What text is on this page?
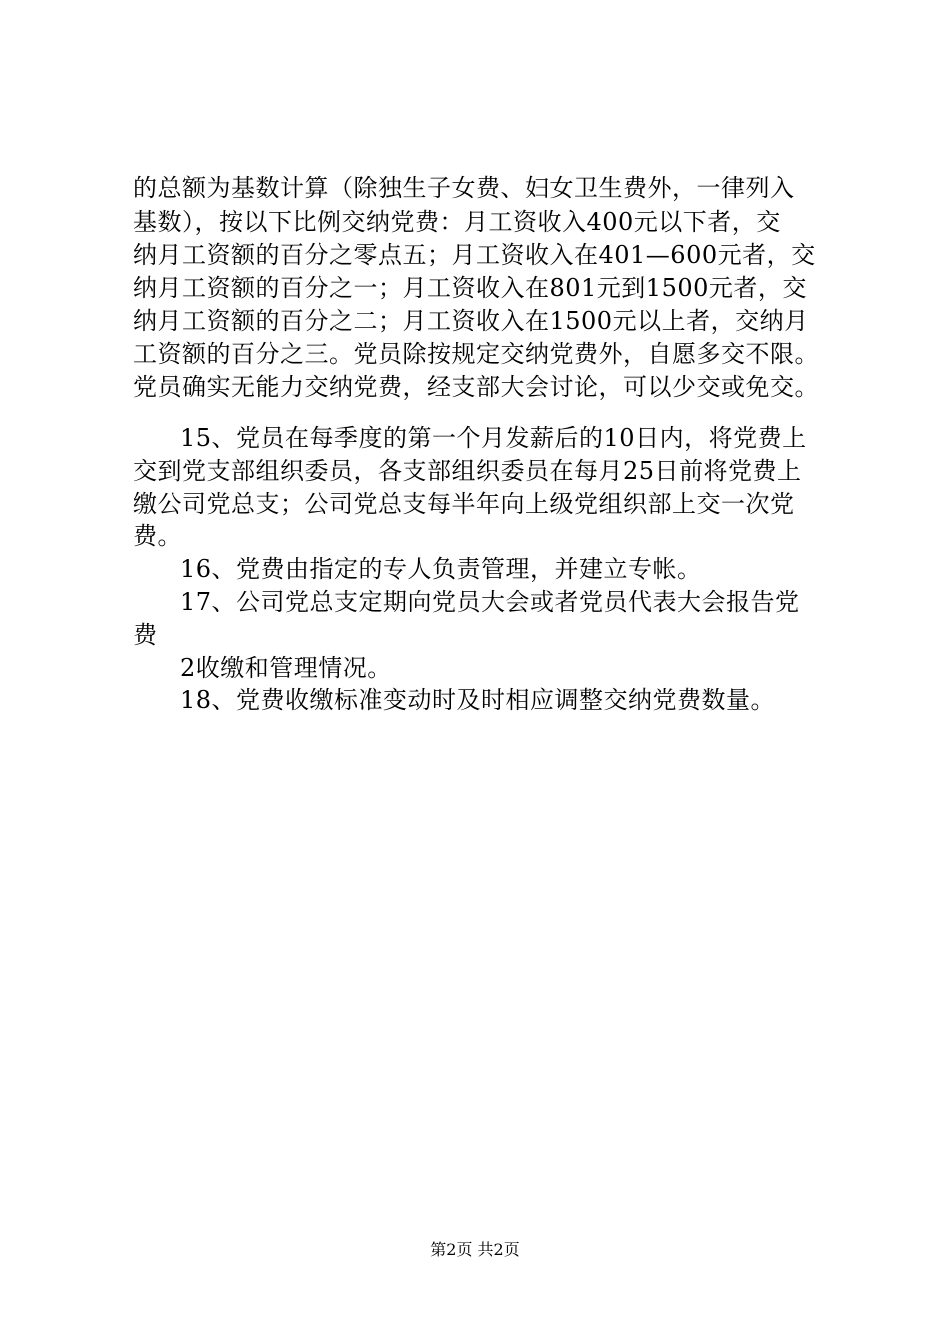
的总额为基数计算（除独生子女费、妇女卫生费外，一律列入
基数），按以下比例交纳党费：月工资收入400元以下者，交
纳月工资额的百分之零点五；月工资收入在401—600元者，交
纳月工资额的百分之一；月工资收入在801元到1500元者，交
纳月工资额的百分之二；月工资收入在1500元以上者，交纳月
工资额的百分之三。党员除按规定交纳党费外，自愿多交不限。
党员确实无能力交纳党费，经支部大会讨论，可以少交或免交。
15、党员在每季度的第一个月发薪后的10日内，将党费上
交到党支部组织委员，各支部组织委员在每月25日前将党费上
缴公司党总支；公司党总支每半年向上级党组织部上交一次党
费。
16、党费由指定的专人负责管理，并建立专帐。
17、公司党总支定期向党员大会或者党员代表大会报告党
费
2收缴和管理情况。
18、党费收缴标准变动时及时相应调整交纳党费数量。
第2页 共2页
